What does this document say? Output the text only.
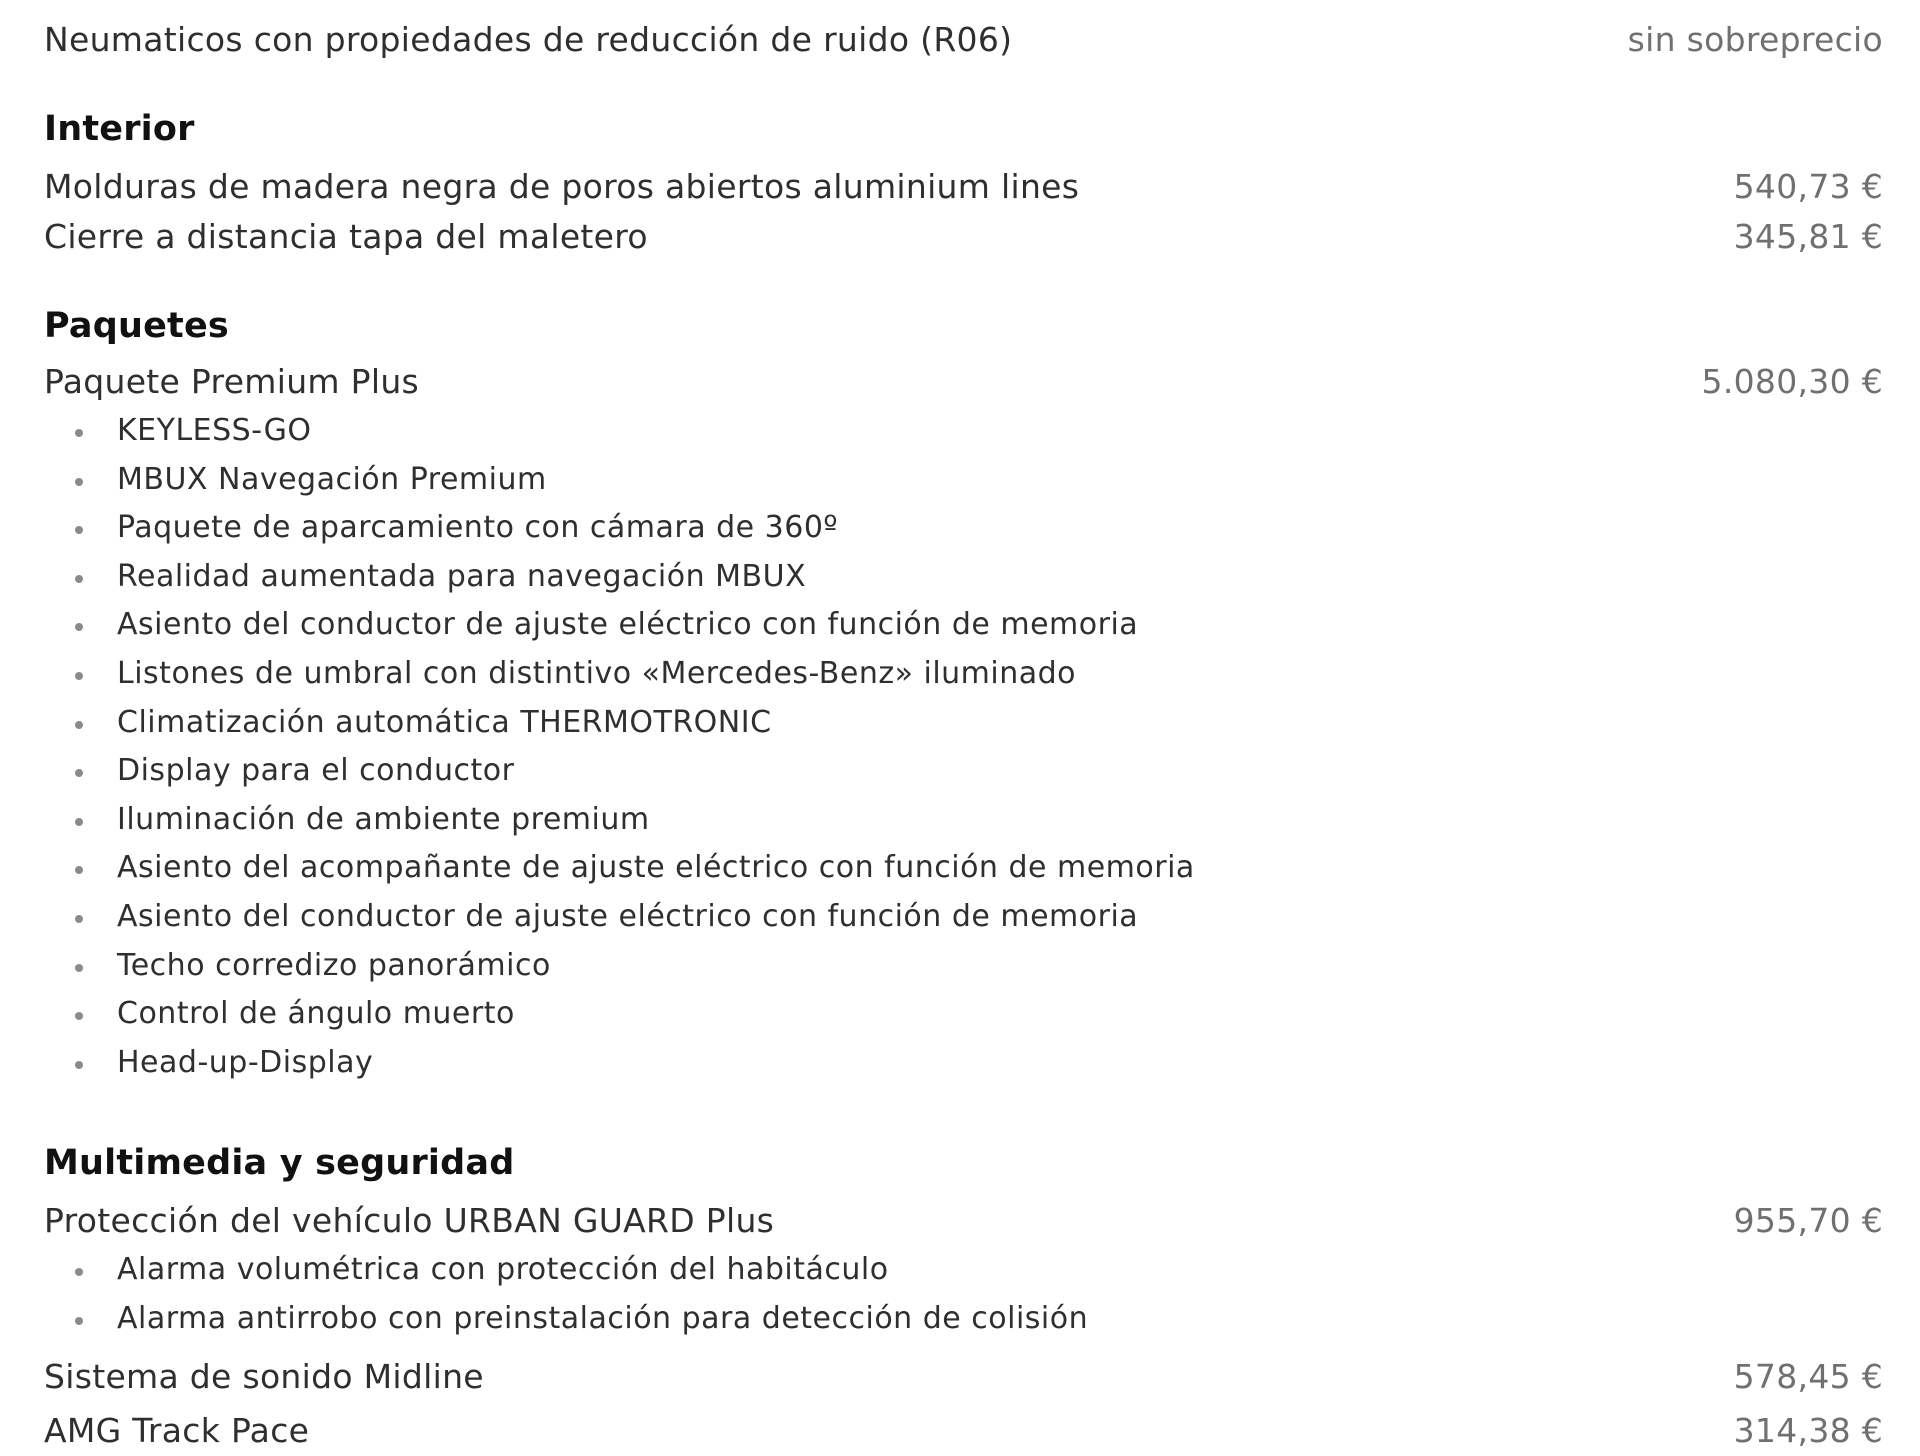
Neumaticos con propiedades de reducción de ruido (R06)	sin sobreprecio
Interior
Molduras de madera negra de poros abiertos aluminium lines	540,73 €
Cierre a distancia tapa del maletero	345,81 €
Paquetes
Paquete Premium Plus	5.080,30 €
KEYLESS-GO
MBUX Navegación Premium
Paquete de aparcamiento con cámara de 360º
Realidad aumentada para navegación MBUX
Asiento del conductor de ajuste eléctrico con función de memoria
Listones de umbral con distintivo «Mercedes-Benz» iluminado
Climatización automática THERMOTRONIC
Display para el conductor
Iluminación de ambiente premium
Asiento del acompañante de ajuste eléctrico con función de memoria
Asiento del conductor de ajuste eléctrico con función de memoria
Techo corredizo panorámico
Control de ángulo muerto
Head-up-Display
Multimedia y seguridad
Protección del vehículo URBAN GUARD Plus	955,70 €
Alarma volumétrica con protección del habitáculo
Alarma antirrobo con preinstalación para detección de colisión
Sistema de sonido Midline	578,45 €
AMG Track Pace	314,38 €
